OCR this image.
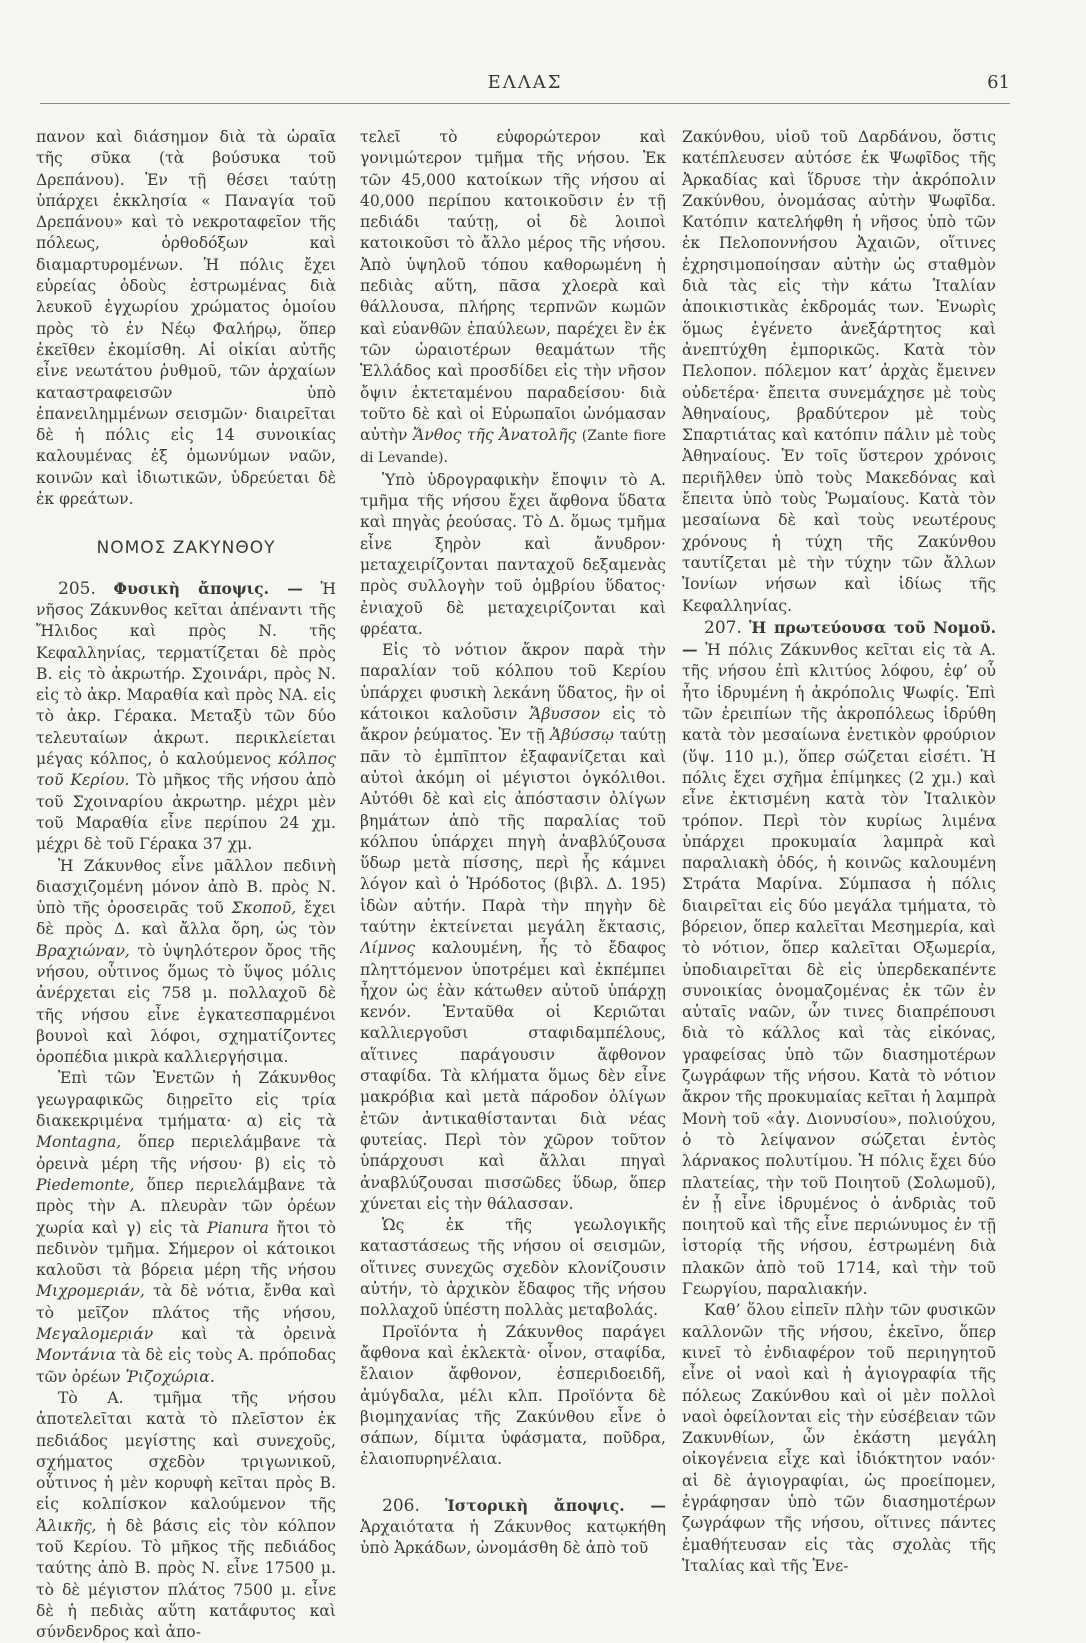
ΕΛΛΑΣ	61

πανον καὶ διάσημον διὰ τὰ ὡραῖα τῆς σῦκα (τὰ βούσυκα τοῦ Δρεπάνου). Ἐν τῇ θέσει ταύτῃ ὑπάρχει ἐκκλησία « Παναγία τοῦ Δρεπάνου» καὶ τὸ νεκροταφεῖον τῆς πόλεως, ὀρθοδόξων καὶ διαμαρτυρομένων. Ἡ πόλις ἔχει εὐρείας ὁδοὺς ἐστρωμένας διὰ λευκοῦ ἐγχωρίου χρώματος ὁμοίου πρὸς τὸ ἐν Νέῳ Φαλήρῳ, ὅπερ ἐκεῖθεν ἐκομίσθη. Αἱ οἰκίαι αὐτῆς εἶνε νεωτάτου ῥυθμοῦ, τῶν ἀρχαίων καταστραφεισῶν ὑπὸ ἐπανειλημμένων σεισμῶν· διαιρεῖται δὲ ἡ πόλις εἰς 14 συνοικίας καλουμένας ἐξ ὁμωνύμων ναῶν, κοινῶν καὶ ἰδιωτικῶν, ὑδρεύεται δὲ ἐκ φρεάτων.

ΝΟΜΟΣ ΖΑΚΥΝΘΟΥ

205. Φυσικὴ ἄποψις. — Ἡ νῆσος Ζάκυνθος κεῖται ἀπέναντι τῆς Ἤλιδος καὶ πρὸς Ν. τῆς Κεφαλληνίας, τερματίζεται δὲ πρὸς Β. εἰς τὸ ἀκρωτήρ. Σχοινάρι, πρὸς Ν. εἰς τὸ ἀκρ. Μαραθία καὶ πρὸς ΝΑ. εἰς τὸ ἀκρ. Γέρακα. Μεταξὺ τῶν δύο τελευταίων ἀκρωτ. περικλείεται μέγας κόλπος, ὁ καλούμενος κόλπος τοῦ Κερίου. Τὸ μῆκος τῆς νήσου ἀπὸ τοῦ Σχοιναρίου ἀκρωτηρ. μέχρι μὲν τοῦ Μαραθία εἶνε περίπου 24 χμ. μέχρι δὲ τοῦ Γέρακα 37 χμ.

Ἡ Ζάκυνθος εἶνε μᾶλλον πεδινὴ διασχιζομένη μόνον ἀπὸ Β. πρὸς Ν. ὑπὸ τῆς ὀροσειρᾶς τοῦ Σκοποῦ, ἔχει δὲ πρὸς Δ. καὶ ἄλλα ὄρη, ὡς τὸν Βραχιώναν, τὸ ὑψηλότερον ὄρος τῆς νήσου, οὗτινος ὅμως τὸ ὕψος μόλις ἀνέρχεται εἰς 758 μ. πολλαχοῦ δὲ τῆς νήσου εἶνε ἐγκατεσπαρμένοι βουνοὶ καὶ λόφοι, σχηματίζοντες ὀροπέδια μικρὰ καλλιεργήσιμα.

Ἐπὶ τῶν Ἑνετῶν ἡ Ζάκυνθος γεωγραφικῶς διῃρεῖτο εἰς τρία διακεκριμένα τμήματα· α) εἰς τὰ Montagna, ὅπερ περιελάμβανε τὰ ὀρεινὰ μέρη τῆς νήσου· β) εἰς τὸ Piedemonte, ὅπερ περιελάμβανε τὰ πρὸς τὴν Α. πλευρὰν τῶν ὀρέων χωρία καὶ γ) εἰς τὰ Pianura ἤτοι τὸ πεδινὸν τμῆμα. Σήμερον οἱ κάτοικοι καλοῦσι τὰ βόρεια μέρη τῆς νήσου Μιχρομεριάν, τὰ δὲ νότια, ἔνθα καὶ τὸ μεῖζον πλάτος τῆς νήσου, Μεγαλομεριάν καὶ τὰ ὀρεινὰ Μοντάνια τὰ δὲ εἰς τοὺς Α. πρόποδας τῶν ὀρέων Ῥιζοχώρια.

Τὸ Α. τμῆμα τῆς νήσου ἀποτελεῖται κατὰ τὸ πλεῖστον ἐκ πεδιάδος μεγίστης καὶ συνεχοῦς, σχήματος σχεδὸν τριγωνικοῦ, οὗτινος ἡ μὲν κορυφὴ κεῖται πρὸς Β. εἰς κολπίσκον καλούμενον τῆς Ἀλικῆς, ἡ δὲ βάσις εἰς τὸν κόλπον τοῦ Κερίου. Τὸ μῆκος τῆς πεδιάδος ταύτης ἀπὸ Β. πρὸς Ν. εἶνε 17500 μ. τὸ δὲ μέγιστον πλάτος 7500 μ. εἶνε δὲ ἡ πεδιὰς αὕτη κατάφυτος καὶ σύνδενδρος καὶ ἀπο-

τελεῖ τὸ εὐφορώτερον καὶ γονιμώτερον τμῆμα τῆς νήσου. Ἐκ τῶν 45,000 κατοίκων τῆς νήσου αἱ 40,000 περίπου κατοικοῦσιν ἐν τῇ πεδιάδι ταύτῃ, οἱ δὲ λοιποὶ κατοικοῦσι τὸ ἄλλο μέρος τῆς νήσου. Ἀπὸ ὑψηλοῦ τόπου καθορωμένη ἡ πεδιὰς αὕτη, πᾶσα χλοερὰ καὶ θάλλουσα, πλήρης τερπνῶν κωμῶν καὶ εὐανθῶν ἐπαύλεων, παρέχει ἓν ἐκ τῶν ὡραιοτέρων θεαμάτων τῆς Ἑλλάδος καὶ προσδίδει εἰς τὴν νῆσον ὄψιν ἐκτεταμένου παραδείσου· διὰ τοῦτο δὲ καὶ οἱ Εὐρωπαῖοι ὠνόμασαν αὐτὴν Ἄνθος τῆς Ἀνατολῆς (Zante fiore di Levande).

Ὑπὸ ὑδρογραφικὴν ἔποψιν τὸ Α. τμῆμα τῆς νήσου ἔχει ἄφθονα ὕδατα καὶ πηγὰς ῥεούσας. Τὸ Δ. ὅμως τμῆμα εἶνε ξηρὸν καὶ ἄνυδρον· μεταχειρίζονται πανταχοῦ δεξαμενὰς πρὸς συλλογὴν τοῦ ὀμβρίου ὕδατος· ἐνιαχοῦ δὲ μεταχειρίζονται καὶ φρέατα.

Εἰς τὸ νότιον ἄκρον παρὰ τὴν παραλίαν τοῦ κόλπου τοῦ Κερίου ὑπάρχει φυσικὴ λεκάνη ὕδατος, ἣν οἱ κάτοικοι καλοῦσιν Ἄβυσσον εἰς τὸ ἄκρον ῥεύματος. Ἐν τῇ Ἀβύσσῳ ταύτῃ πᾶν τὸ ἐμπῖπτον ἐξαφανίζεται καὶ αὐτοὶ ἀκόμη οἱ μέγιστοι ὀγκόλιθοι. Αὐτόθι δὲ καὶ εἰς ἀπόστασιν ὀλίγων βημάτων ἀπὸ τῆς παραλίας τοῦ κόλπου ὑπάρχει πηγὴ ἀναβλύζουσα ὕδωρ μετὰ πίσσης, περὶ ἧς κάμνει λόγον καὶ ὁ Ἡρόδοτος (βιβλ. Δ. 195) ἰδὼν αὐτήν. Παρὰ τὴν πηγὴν δὲ ταύτην ἐκτείνεται μεγάλη ἔκτασις, Λίμνος καλουμένη, ἧς τὸ ἔδαφος πληττόμενον ὑποτρέμει καὶ ἐκπέμπει ἦχον ὡς ἐὰν κάτωθεν αὐτοῦ ὑπάρχῃ κενόν. Ἐνταῦθα οἱ Κεριῶται καλλιεργοῦσι σταφιδαμπέλους, αἵτινες παράγουσιν ἄφθονον σταφίδα. Τὰ κλήματα ὅμως δὲν εἶνε μακρόβια καὶ μετὰ πάροδον ὀλίγων ἐτῶν ἀντικαθίστανται διὰ νέας φυτείας. Περὶ τὸν χῶρον τοῦτον ὑπάρχουσι καὶ ἄλλαι πηγαὶ ἀναβλύζουσαι πισσῶδες ὕδωρ, ὅπερ χύνεται εἰς τὴν θάλασσαν.

Ὡς ἐκ τῆς γεωλογικῆς καταστάσεως τῆς νήσου οἱ σεισμῶν, οἵτινες συνεχῶς σχεδὸν κλονίζουσιν αὐτήν, τὸ ἀρχικὸν ἔδαφος τῆς νήσου πολλαχοῦ ὑπέστη πολλὰς μεταβολάς.

Προϊόντα ἡ Ζάκυνθος παράγει ἄφθονα καὶ ἐκλεκτὰ· οἶνον, σταφίδα, ἔλαιον ἄφθονον, ἑσπεριδοειδῆ, ἀμύγδαλα, μέλι κλπ. Προϊόντα δὲ βιομηχανίας τῆς Ζακύνθου εἶνε ὁ σάπων, δίμιτα ὑφάσματα, ποῦδρα, ἐλαιοπυρηνέλαια.

206. Ἱστορικὴ ἄποψις. — Ἀρχαιότατα ἡ Ζάκυνθος κατῳκήθη ὑπὸ Ἀρκάδων, ὠνομάσθη δὲ ἀπὸ τοῦ

Ζακύνθου, υἱοῦ τοῦ Δαρδάνου, ὅστις κατέπλευσεν αὐτόσε ἐκ Ψωφῖδος τῆς Ἀρκαδίας καὶ ἵδρυσε τὴν ἀκρόπολιν Ζακύνθου, ὀνομάσας αὐτὴν Ψωφῖδα. Κατόπιν κατελήφθη ἡ νῆσος ὑπὸ τῶν ἐκ Πελοποννήσου Ἀχαιῶν, οἵτινες ἐχρησιμοποίησαν αὐτὴν ὡς σταθμὸν διὰ τὰς εἰς τὴν κάτω Ἰταλίαν ἀποικιστικὰς ἐκδρομάς των. Ἐνωρὶς ὅμως ἐγένετο ἀνεξάρτητος καὶ ἀνεπτύχθη ἐμπορικῶς. Κατὰ τὸν Πελοπον. πόλεμον κατ’ ἀρχὰς ἔμεινεν οὐδετέρα· ἔπειτα συνεμάχησε μὲ τοὺς Ἀθηναίους, βραδύτερον μὲ τοὺς Σπαρτιάτας καὶ κατόπιν πάλιν μὲ τοὺς Ἀθηναίους. Ἐν τοῖς ὕστερον χρόνοις περιῆλθεν ὑπὸ τοὺς Μακεδόνας καὶ ἔπειτα ὑπὸ τοὺς Ῥωμαίους. Κατὰ τὸν μεσαίωνα δὲ καὶ τοὺς νεωτέρους χρόνους ἡ τύχη τῆς Ζακύνθου ταυτίζεται μὲ τὴν τύχην τῶν ἄλλων Ἰονίων νήσων καὶ ἰδίως τῆς Κεφαλληνίας.

207. Ἡ πρωτεύουσα τοῦ Νομοῦ. — Ἡ πόλις Ζάκυνθος κεῖται εἰς τὰ Α. τῆς νήσου ἐπὶ κλιτύος λόφου, ἐφ’ οὗ ἦτο ἱδρυμένη ἡ ἀκρόπολις Ψωφίς. Ἐπὶ τῶν ἐρειπίων τῆς ἀκροπόλεως ἱδρύθη κατὰ τὸν μεσαίωνα ἑνετικὸν φρούριον (ὕψ. 110 μ.), ὅπερ σώζεται εἰσέτι. Ἡ πόλις ἔχει σχῆμα ἐπίμηκες (2 χμ.) καὶ εἶνε ἐκτισμένη κατὰ τὸν Ἰταλικὸν τρόπον. Περὶ τὸν κυρίως λιμένα ὑπάρχει προκυμαία λαμπρὰ καὶ παραλιακὴ ὁδός, ἡ κοινῶς καλουμένη Στράτα Μαρίνα. Σύμπασα ἡ πόλις διαιρεῖται εἰς δύο μεγάλα τμήματα, τὸ βόρειον, ὅπερ καλεῖται Μεσημερία, καὶ τὸ νότιον, ὅπερ καλεῖται Οξωμερία, ὑποδιαιρεῖται δὲ εἰς ὑπερδεκαπέντε συνοικίας ὀνομαζομένας ἐκ τῶν ἐν αὐταῖς ναῶν, ὧν τινες διαπρέπουσι διὰ τὸ κάλλος καὶ τὰς εἰκόνας, γραφείσας ὑπὸ τῶν διασημοτέρων ζωγράφων τῆς νήσου. Κατὰ τὸ νότιον ἄκρον τῆς προκυμαίας κεῖται ἡ λαμπρὰ Μονὴ τοῦ «ἁγ. Διονυσίου», πολιούχου, ὁ τὸ λείψανον σώζεται ἐντὸς λάρνακος πολυτίμου. Ἡ πόλις ἔχει δύο πλατείας, τὴν τοῦ Ποιητοῦ (Σολωμοῦ), ἐν ᾗ εἶνε ἱδρυμένος ὁ ἀνδριὰς τοῦ ποιητοῦ καὶ τῆς εἶνε περιώνυμος ἐν τῇ ἱστορίᾳ τῆς νήσου, ἐστρωμένη διὰ πλακῶν ἀπὸ τοῦ 1714, καὶ τὴν τοῦ Γεωργίου, παραλιακήν.

Καθ’ ὅλου εἰπεῖν πλὴν τῶν φυσικῶν καλλονῶν τῆς νήσου, ἐκεῖνο, ὅπερ κινεῖ τὸ ἐνδιαφέρον τοῦ περιηγητοῦ εἶνε οἱ ναοὶ καὶ ἡ ἁγιογραφία τῆς πόλεως Ζακύνθου καὶ οἱ μὲν πολλοὶ ναοὶ ὀφείλονται εἰς τὴν εὐσέβειαν τῶν Ζακυνθίων, ὧν ἑκάστη μεγάλη οἰκογένεια εἶχε καὶ ἰδιόκτητον ναόν· αἱ δὲ ἁγιογραφίαι, ὡς προείπομεν, ἐγράφησαν ὑπὸ τῶν διασημοτέρων ζωγράφων τῆς νήσου, οἵτινες πάντες ἐμαθήτευσαν εἰς τὰς σχολὰς τῆς Ἰταλίας καὶ τῆς Ἑνε-
